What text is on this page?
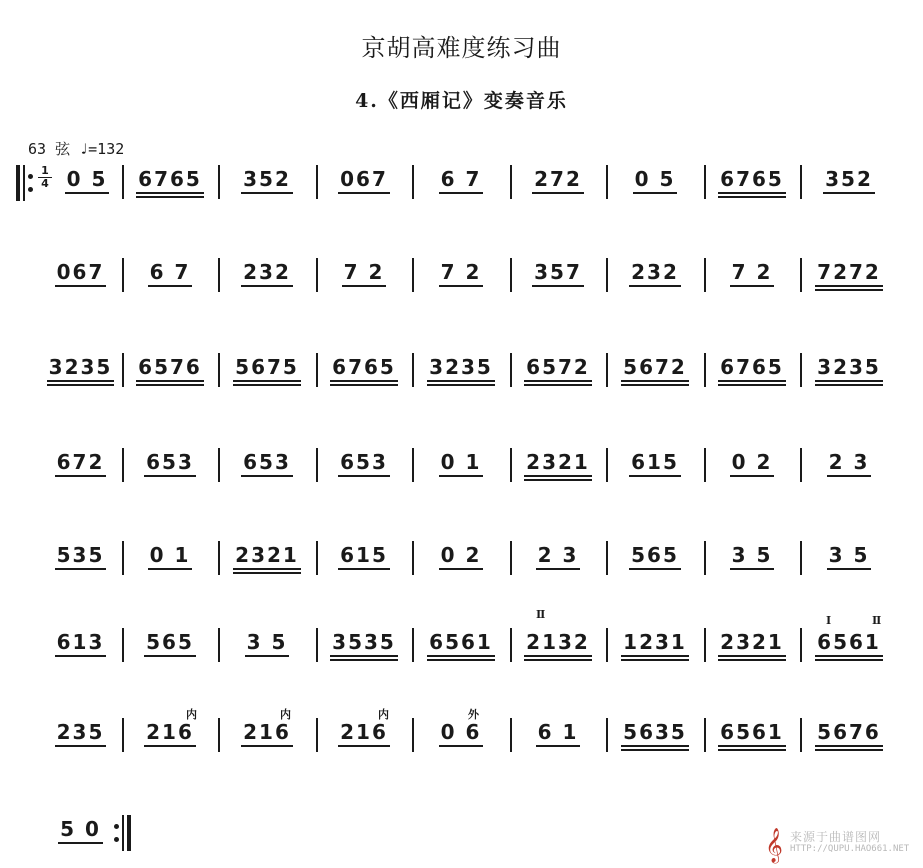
京胡高难度练习曲
4.《西厢记》变奏音乐
63 弦 ♩=132
1
4 0 5	6765	352	067	6 7	272	0 5	6765	352
067	6 7	232	7 2	7 2	357	232	7 2	7272
3235	6576	5675	6765	3235	6572	5672	6765	3235
672	653	653	653	0 1	2321	615	0 2	2 3
535	0 1	2321	615	0 2	2 3	565	3 5	3 5
613	565	3 5	3535	6561	2132	1231	2321	6561
235	216	216	216	0 6	6 1	5635	6561	5676
5 0
Ⅱ	Ⅰ	Ⅱ
内	内	内	外
𝄞 来源于曲谱图网
HTTP://QUPU.HAO661.NET
